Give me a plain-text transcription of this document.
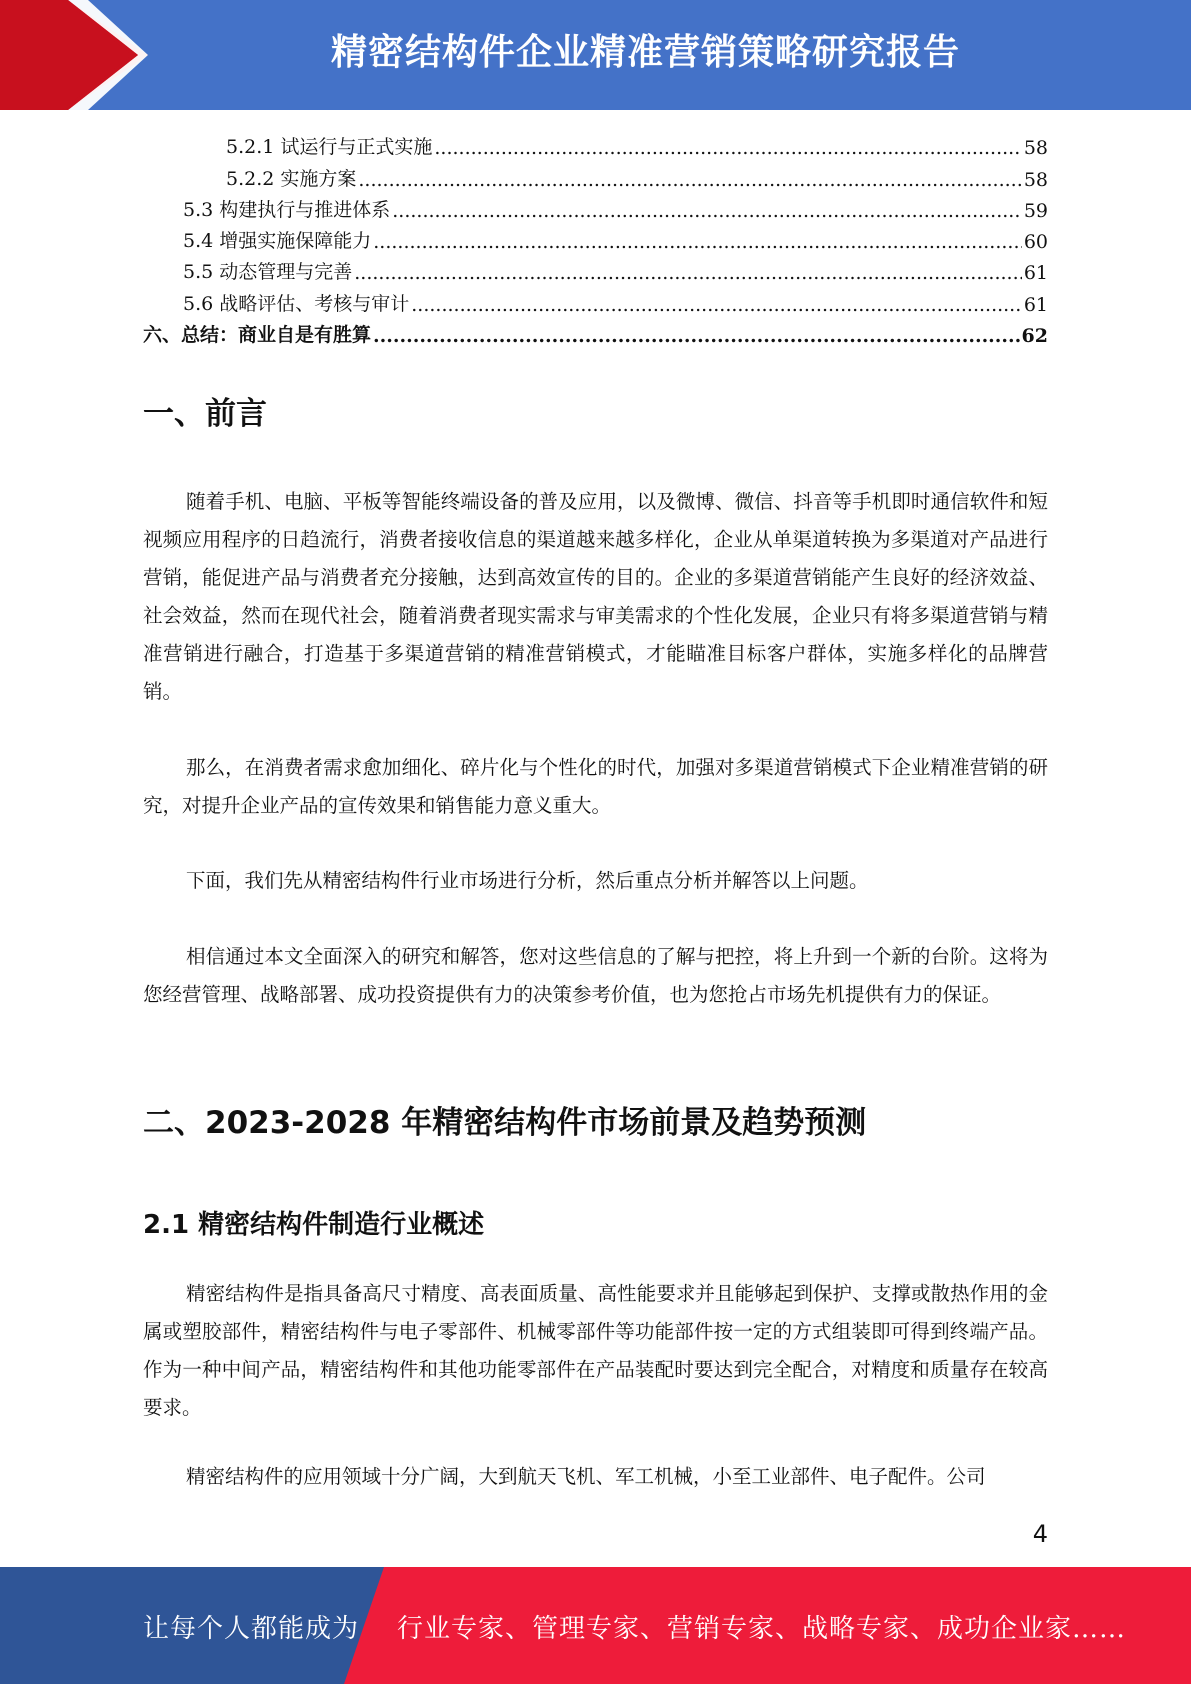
精密结构件企业精准营销策略研究报告
5.2.1 试运行与正式实施 .....	58
5.2.2 实施方案 .....	58
5.3 构建执行与推进体系 .....	59
5.4 增强实施保障能力 .....	60
5.5 动态管理与完善 .....	61
5.6 战略评估、考核与审计 .....	61
六、总结：商业自是有胜算 .....	62
一、前言

随着手机、电脑、平板等智能终端设备的普及应用，以及微博、微信、抖音等手机即时通信软件和短视频应用程序的日趋流行，消费者接收信息的渠道越来越多样化，企业从单渠道转换为多渠道对产品进行营销，能促进产品与消费者充分接触，达到高效宣传的目的。企业的多渠道营销能产生良好的经济效益、社会效益，然而在现代社会，随着消费者现实需求与审美需求的个性化发展，企业只有将多渠道营销与精准营销进行融合，打造基于多渠道营销的精准营销模式，才能瞄准目标客户群体，实施多样化的品牌营销。

那么，在消费者需求愈加细化、碎片化与个性化的时代，加强对多渠道营销模式下企业精准营销的研究，对提升企业产品的宣传效果和销售能力意义重大。

下面，我们先从精密结构件行业市场进行分析，然后重点分析并解答以上问题。

相信通过本文全面深入的研究和解答，您对这些信息的了解与把控，将上升到一个新的台阶。这将为您经营管理、战略部署、成功投资提供有力的决策参考价值，也为您抢占市场先机提供有力的保证。

二、2023-2028 年精密结构件市场前景及趋势预测
2.1 精密结构件制造行业概述

精密结构件是指具备高尺寸精度、高表面质量、高性能要求并且能够起到保护、支撑或散热作用的金属或塑胶部件，精密结构件与电子零部件、机械零部件等功能部件按一定的方式组装即可得到终端产品。作为一种中间产品，精密结构件和其他功能零部件在产品装配时要达到完全配合，对精度和质量存在较高要求。

精密结构件的应用领域十分广阔，大到航天飞机、军工机械，小至工业部件、电子配件。公司

4
让每个人都能成为 行业专家、管理专家、营销专家、战略专家、成功企业家……
